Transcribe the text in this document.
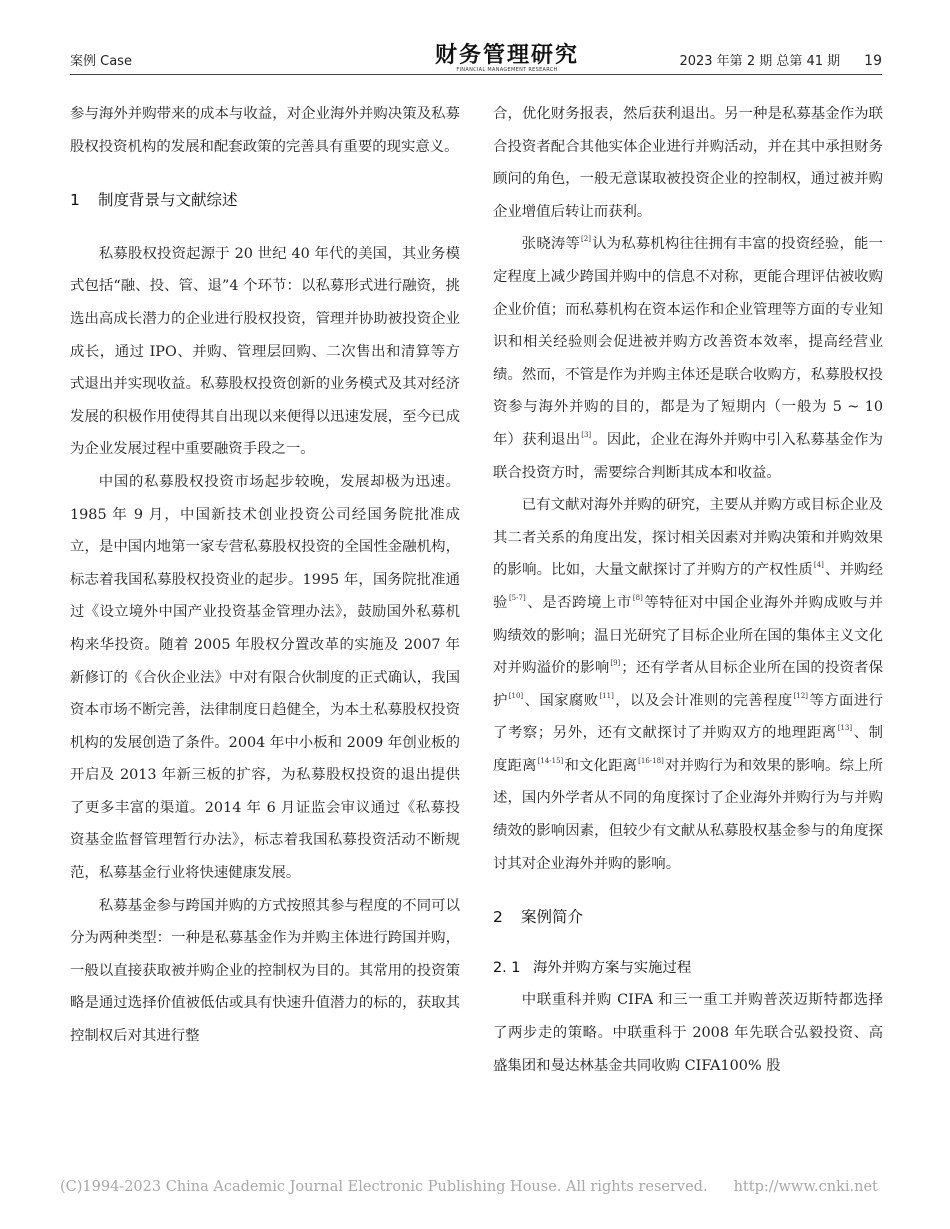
案例 Case	财务管理研究
FINANCIAL MANAGEMENT RESEARCH
2023 年第 2 期 总第 41 期 19

参与海外并购带来的成本与收益，对企业海外并购决策及私募股权投资机构的发展和配套政策的完善具有重要的现实意义。

1 制度背景与文献综述

私募股权投资起源于 20 世纪 40 年代的美国，其业务模式包括“融、投、管、退”4 个环节：以私募形式进行融资，挑选出高成长潜力的企业进行股权投资，管理并协助被投资企业成长，通过 IPO、并购、管理层回购、二次售出和清算等方式退出并实现收益。私募股权投资创新的业务模式及其对经济发展的积极作用使得其自出现以来便得以迅速发展，至今已成为企业发展过程中重要融资手段之一。

中国的私募股权投资市场起步较晚，发展却极为迅速。1985 年 9 月，中国新技术创业投资公司经国务院批准成立，是中国内地第一家专营私募股权投资的全国性金融机构，标志着我国私募股权投资业的起步。1995 年，国务院批准通过《设立境外中国产业投资基金管理办法》，鼓励国外私募机构来华投资。随着 2005 年股权分置改革的实施及 2007 年新修订的《合伙企业法》中对有限合伙制度的正式确认，我国资本市场不断完善，法律制度日趋健全，为本土私募股权投资机构的发展创造了条件。2004 年中小板和 2009 年创业板的开启及 2013 年新三板的扩容，为私募股权投资的退出提供了更多丰富的渠道。2014 年 6 月证监会审议通过《私募投资基金监督管理暂行办法》，标志着我国私募投资活动不断规范，私募基金行业将快速健康发展。

私募基金参与跨国并购的方式按照其参与程度的不同可以分为两种类型：一种是私募基金作为并购主体进行跨国并购，一般以直接获取被并购企业的控制权为目的。其常用的投资策略是通过选择价值被低估或具有快速升值潜力的标的，获取其控制权后对其进行整

合，优化财务报表，然后获利退出。另一种是私募基金作为联合投资者配合其他实体企业进行并购活动，并在其中承担财务顾问的角色，一般无意谋取被投资企业的控制权，通过被并购企业增值后转让而获利。

张晓涛等[2]认为私募机构往往拥有丰富的投资经验，能一定程度上减少跨国并购中的信息不对称，更能合理评估被收购企业价值；而私募机构在资本运作和企业管理等方面的专业知识和相关经验则会促进被并购方改善资本效率，提高经营业绩。然而，不管是作为并购主体还是联合收购方，私募股权投资参与海外并购的目的，都是为了短期内（一般为 5 ~ 10 年）获利退出[3]。因此，企业在海外并购中引入私募基金作为联合投资方时，需要综合判断其成本和收益。

已有文献对海外并购的研究，主要从并购方或目标企业及其二者关系的角度出发，探讨相关因素对并购决策和并购效果的影响。比如，大量文献探讨了并购方的产权性质[4]、并购经验[5-7]、是否跨境上市[8]等特征对中国企业海外并购成败与并购绩效的影响；温日光研究了目标企业所在国的集体主义文化对并购溢价的影响[9]；还有学者从目标企业所在国的投资者保护[10]、国家腐败[11]，以及会计准则的完善程度[12]等方面进行了考察；另外，还有文献探讨了并购双方的地理距离[13]、制度距离[14-15]和文化距离[16-18]对并购行为和效果的影响。综上所述，国内外学者从不同的角度探讨了企业海外并购行为与并购绩效的影响因素，但较少有文献从私募股权基金参与的角度探讨其对企业海外并购的影响。

2 案例简介
2. 1 海外并购方案与实施过程

中联重科并购 CIFA 和三一重工并购普茨迈斯特都选择了两步走的策略。中联重科于 2008 年先联合弘毅投资、高盛集团和曼达林基金共同收购 CIFA100% 股

(C)1994-2023 China Academic Journal Electronic Publishing House. All rights reserved. http://www.cnki.net
